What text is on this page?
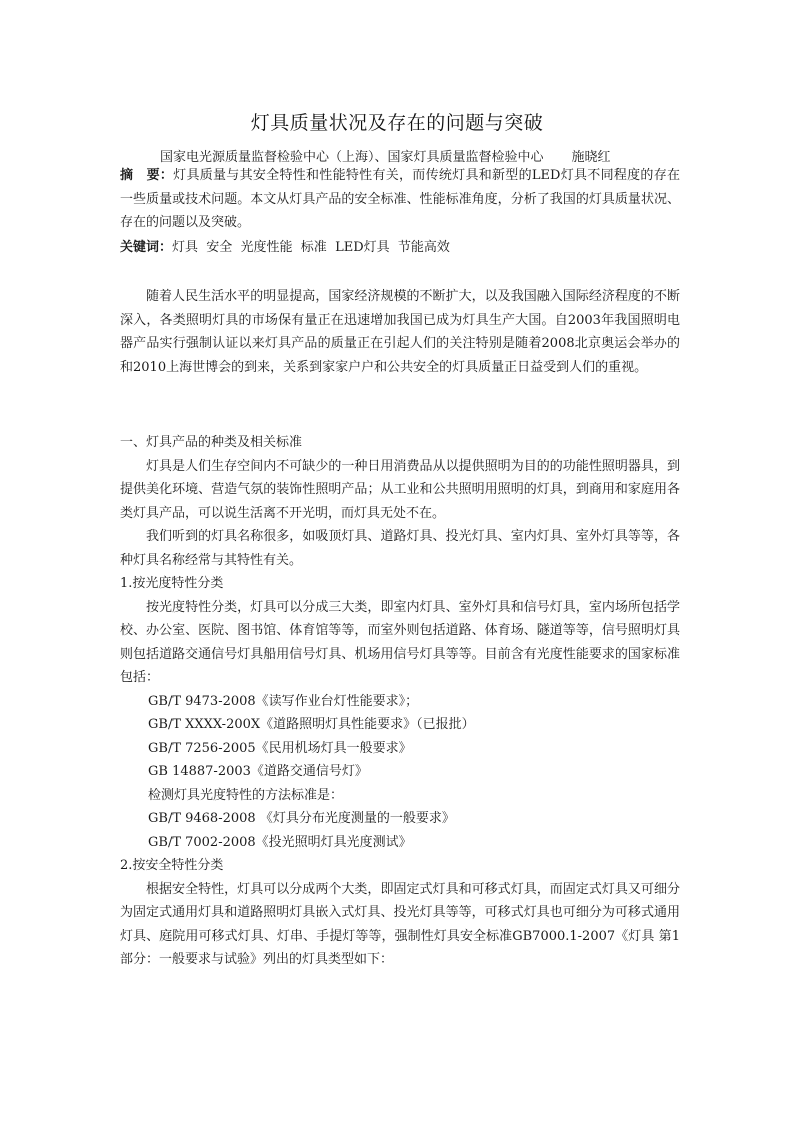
灯具质量状况及存在的问题与突破
国家电光源质量监督检验中心（上海）、国家灯具质量监督检验中心 施晓红
摘　要：灯具质量与其安全特性和性能特性有关，而传统灯具和新型的LED灯具不同程度的存在一些质量或技术问题。本文从灯具产品的安全标准、性能标准角度，分析了我国的灯具质量状况、存在的问题以及突破。
关键词：灯具  安全  光度性能  标准  LED灯具  节能高效
随着人民生活水平的明显提高，国家经济规模的不断扩大，以及我国融入国际经济程度的不断深入，各类照明灯具的市场保有量正在迅速增加我国已成为灯具生产大国。自2003年我国照明电器产品实行强制认证以来灯具产品的质量正在引起人们的关注特别是随着2008北京奥运会举办的和2010上海世博会的到来，关系到家家户户和公共安全的灯具质量正日益受到人们的重视。

一、灯具产品的种类及相关标准

灯具是人们生存空间内不可缺少的一种日用消费品从以提供照明为目的的功能性照明器具，到提供美化环境、营造气氛的装饰性照明产品；从工业和公共照明用照明的灯具，到商用和家庭用各类灯具产品，可以说生活离不开光明，而灯具无处不在。

我们听到的灯具名称很多，如吸顶灯具、道路灯具、投光灯具、室内灯具、室外灯具等等，各种灯具名称经常与其特性有关。

1.按光度特性分类

按光度特性分类，灯具可以分成三大类，即室内灯具、室外灯具和信号灯具，室内场所包括学校、办公室、医院、图书馆、体育馆等等，而室外则包括道路、体育场、隧道等等，信号照明灯具则包括道路交通信号灯具船用信号灯具、机场用信号灯具等等。目前含有光度性能要求的国家标准包括：

GB/T 9473-2008《读写作业台灯性能要求》；

GB/T XXXX-200X《道路照明灯具性能要求》（已报批）

GB/T 7256-2005《民用机场灯具一般要求》

GB 14887-2003《道路交通信号灯》

检测灯具光度特性的方法标准是：

GB/T 9468-2008 《灯具分布光度测量的一般要求》

GB/T 7002-2008《投光照明灯具光度测试》

2.按安全特性分类

根据安全特性，灯具可以分成两个大类，即固定式灯具和可移式灯具，而固定式灯具又可细分为固定式通用灯具和道路照明灯具嵌入式灯具、投光灯具等等，可移式灯具也可细分为可移式通用灯具、庭院用可移式灯具、灯串、手提灯等等，强制性灯具安全标准GB7000.1-2007《灯具 第1部分：一般要求与试验》列出的灯具类型如下：
